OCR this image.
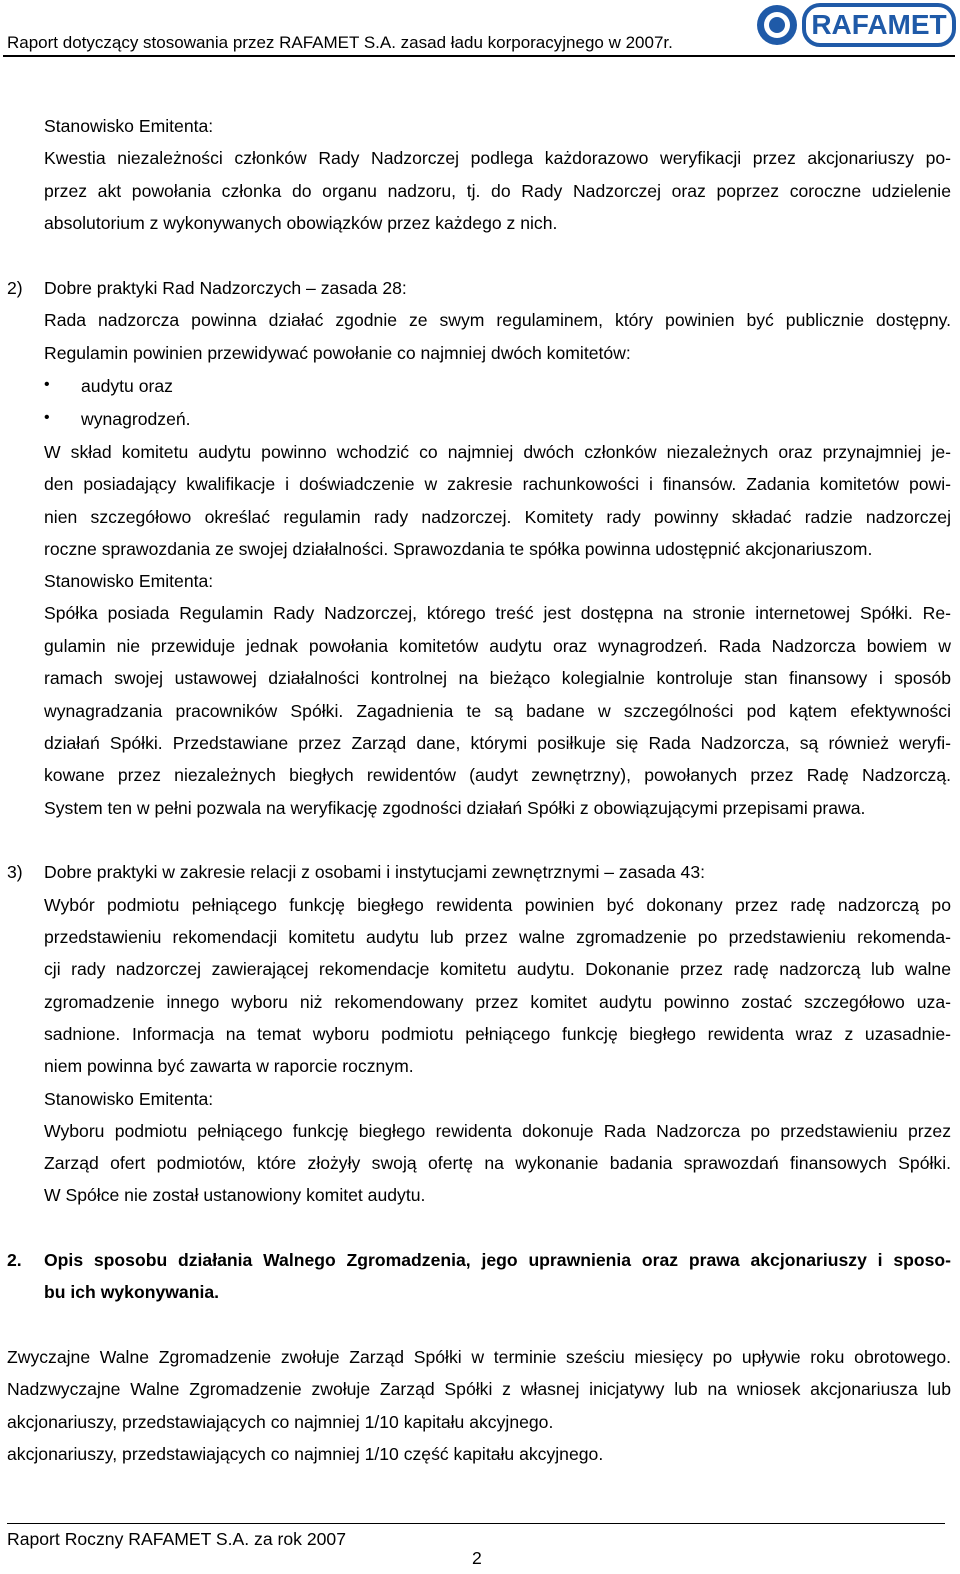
Raport dotyczący stosowania przez RAFAMET S.A. zasad ładu korporacyjnego w 2007r.
RAFAMET
Stanowisko Emitenta:
Kwestia niezależności członków Rady Nadzorczej podlega każdorazowo weryfikacji przez akcjonariuszy po-
przez akt powołania członka do organu nadzoru, tj. do Rady Nadzorczej oraz poprzez coroczne udzielenie
absolutorium z wykonywanych obowiązków przez każdego z nich.
2) Dobre praktyki Rad Nadzorczych – zasada 28:
Rada nadzorcza powinna działać zgodnie ze swym regulaminem, który powinien być publicznie dostępny.
Regulamin powinien przewidywać powołanie co najmniej dwóch komitetów:
• audytu oraz
• wynagrodzeń.
W skład komitetu audytu powinno wchodzić co najmniej dwóch członków niezależnych oraz przynajmniej je-
den posiadający kwalifikacje i doświadczenie w zakresie rachunkowości i finansów. Zadania komitetów powi-
nien szczegółowo określać regulamin rady nadzorczej. Komitety rady powinny składać radzie nadzorczej
roczne sprawozdania ze swojej działalności. Sprawozdania te spółka powinna udostępnić akcjonariuszom.
Stanowisko Emitenta:
Spółka posiada Regulamin Rady Nadzorczej, którego treść jest dostępna na stronie internetowej Spółki. Re-
gulamin nie przewiduje jednak powołania komitetów audytu oraz wynagrodzeń. Rada Nadzorcza bowiem w
ramach swojej ustawowej działalności kontrolnej na bieżąco kolegialnie kontroluje stan finansowy i sposób
wynagradzania pracowników Spółki. Zagadnienia te są badane w szczególności pod kątem efektywności
działań Spółki. Przedstawiane przez Zarząd dane, którymi posiłkuje się Rada Nadzorcza, są również weryfi-
kowane przez niezależnych biegłych rewidentów (audyt zewnętrzny), powołanych przez Radę Nadzorczą.
System ten w pełni pozwala na weryfikację zgodności działań Spółki z obowiązującymi przepisami prawa.
3) Dobre praktyki w zakresie relacji z osobami i instytucjami zewnętrznymi – zasada 43:
Wybór podmiotu pełniącego funkcję biegłego rewidenta powinien być dokonany przez radę nadzorczą po
przedstawieniu rekomendacji komitetu audytu lub przez walne zgromadzenie po przedstawieniu rekomenda-
cji rady nadzorczej zawierającej rekomendacje komitetu audytu. Dokonanie przez radę nadzorczą lub walne
zgromadzenie innego wyboru niż rekomendowany przez komitet audytu powinno zostać szczegółowo uza-
sadnione. Informacja na temat wyboru podmiotu pełniącego funkcję biegłego rewidenta wraz z uzasadnie-
niem powinna być zawarta w raporcie rocznym.
Stanowisko Emitenta:
Wyboru podmiotu pełniącego funkcję biegłego rewidenta dokonuje Rada Nadzorcza po przedstawieniu przez
Zarząd ofert podmiotów, które złożyły swoją ofertę na wykonanie badania sprawozdań finansowych Spółki.
W Spółce nie został ustanowiony komitet audytu.
2. Opis sposobu działania Walnego Zgromadzenia, jego uprawnienia oraz prawa akcjonariuszy i sposo-
bu ich wykonywania.
Zwyczajne Walne Zgromadzenie zwołuje Zarząd Spółki w terminie sześciu miesięcy po upływie roku obrotowego.
Nadzwyczajne Walne Zgromadzenie zwołuje Zarząd Spółki z własnej inicjatywy lub na wniosek akcjonariusza lub
akcjonariuszy, przedstawiających co najmniej 1/10 kapitału akcyjnego.
akcjonariuszy, przedstawiających co najmniej 1/10 część kapitału akcyjnego.
Raport Roczny RAFAMET S.A. za rok 2007
2
